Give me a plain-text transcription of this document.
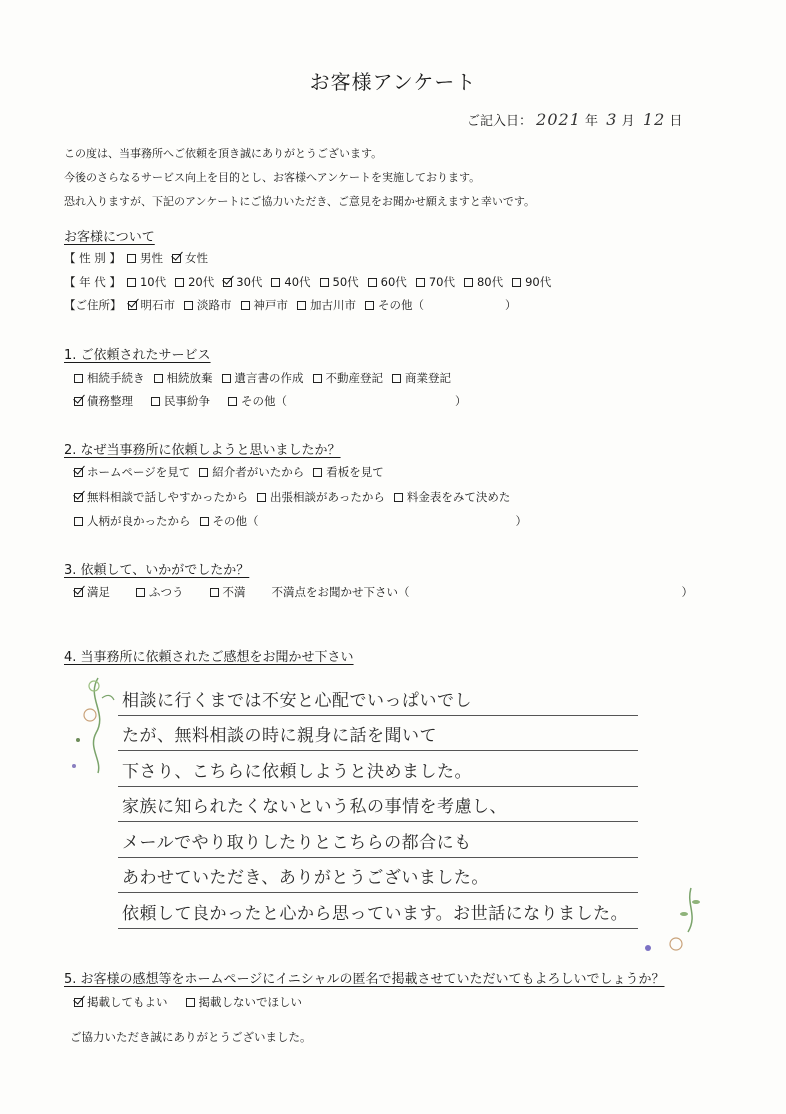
お客様アンケート
ご記入日： 2021 年 3 月 12 日
この度は、当事務所へご依頼を頂き誠にありがとうございます。
今後のさらなるサービス向上を目的とし、お客様へアンケートを実施しております。
恐れ入りますが、下記のアンケートにご協力いただき、ご意見をお聞かせ願えますと幸いです。
お客様について
【 性 別 】 男性 女性
【 年 代 】 10代 20代 30代 40代 50代 60代 70代 80代 90代
【ご住所】 明石市 淡路市 神戸市 加古川市 その他（	）
1. ご依頼されたサービス
相続手続き 相続放棄 遺言書の作成 不動産登記 商業登記
債務整理	民事紛争	その他（	）
2. なぜ当事務所に依頼しようと思いましたか？
ホームページを見て 紹介者がいたから 看板を見て
無料相談で話しやすかったから 出張相談があったから 料金表をみて決めた
人柄が良かったから その他（	）
3. 依頼して、いかがでしたか？
満足	ふつう	不満 不満点をお聞かせ下さい（	）
4. 当事務所に依頼されたご感想をお聞かせ下さい
相談に行くまでは不安と心配でいっぱいでし
たが、無料相談の時に親身に話を聞いて
下さり、こちらに依頼しようと決めました。
家族に知られたくないという私の事情を考慮し、
メールでやり取りしたりとこちらの都合にも
あわせていただき、ありがとうございました。
依頼して良かったと心から思っています。お世話になりました。
5. お客様の感想等をホームページにイニシャルの匿名で掲載させていただいてもよろしいでしょうか？
掲載してもよい	掲載しないでほしい
ご協力いただき誠にありがとうございました。
